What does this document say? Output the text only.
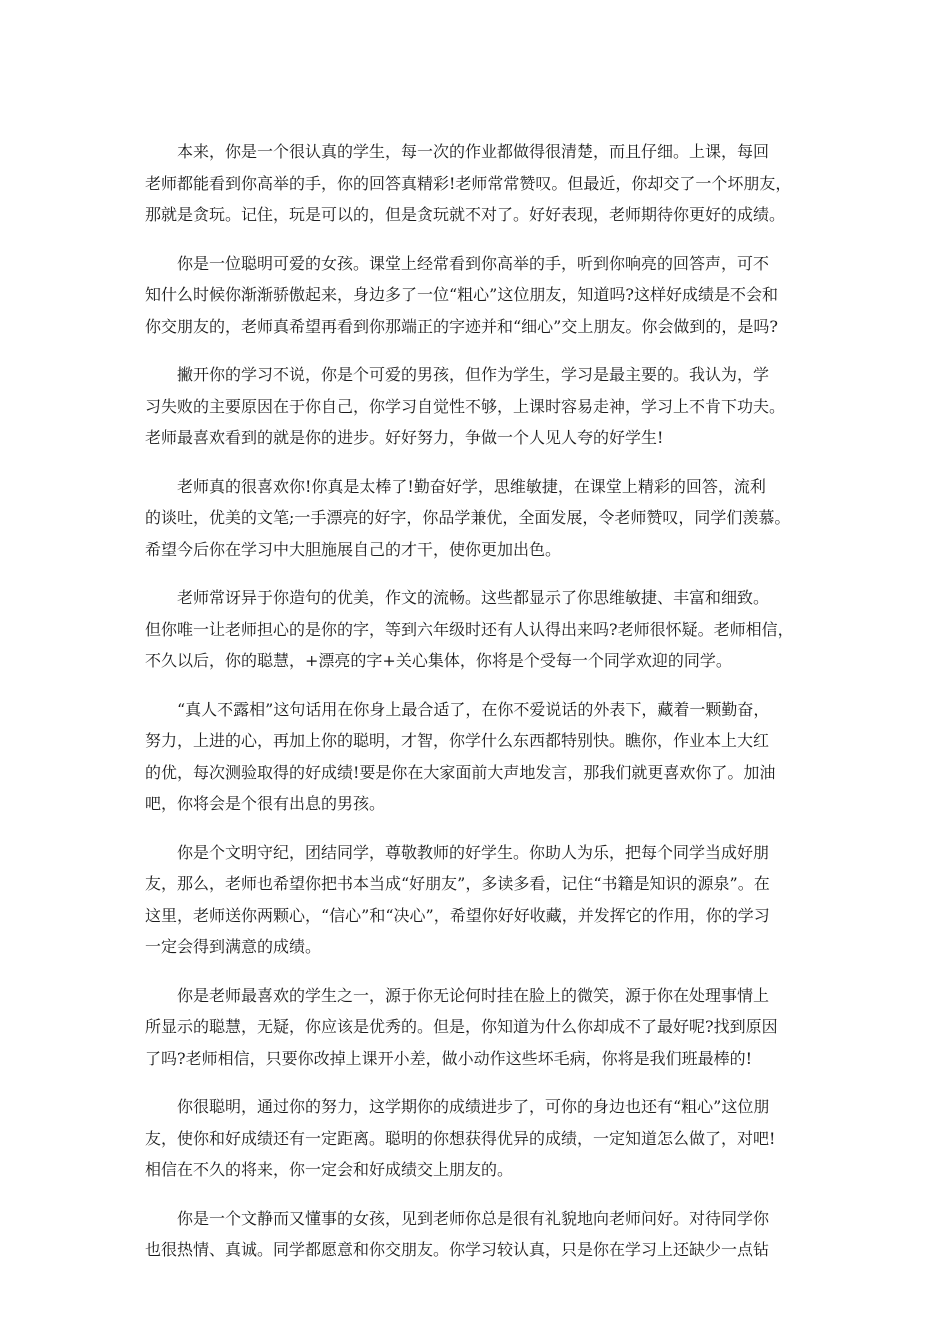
本来，你是一个很认真的学生，每一次的作业都做得很清楚，而且仔细。上课，每回
老师都能看到你高举的手，你的回答真精彩!老师常常赞叹。但最近，你却交了一个坏朋友，
那就是贪玩。记住，玩是可以的，但是贪玩就不对了。好好表现，老师期待你更好的成绩。

你是一位聪明可爱的女孩。课堂上经常看到你高举的手，听到你响亮的回答声，可不
知什么时候你渐渐骄傲起来，身边多了一位“粗心”这位朋友，知道吗?这样好成绩是不会和
你交朋友的，老师真希望再看到你那端正的字迹并和“细心”交上朋友。你会做到的，是吗?

撇开你的学习不说，你是个可爱的男孩，但作为学生，学习是最主要的。我认为，学
习失败的主要原因在于你自己，你学习自觉性不够，上课时容易走神，学习上不肯下功夫。
老师最喜欢看到的就是你的进步。好好努力，争做一个人见人夸的好学生!

老师真的很喜欢你!你真是太棒了!勤奋好学，思维敏捷，在课堂上精彩的回答，流利
的谈吐，优美的文笔;一手漂亮的好字，你品学兼优，全面发展，令老师赞叹，同学们羡慕。
希望今后你在学习中大胆施展自己的才干，使你更加出色。

老师常讶异于你造句的优美，作文的流畅。这些都显示了你思维敏捷、丰富和细致。
但你唯一让老师担心的是你的字，等到六年级时还有人认得出来吗?老师很怀疑。老师相信，
不久以后，你的聪慧，+漂亮的字+关心集体，你将是个受每一个同学欢迎的同学。

“真人不露相”这句话用在你身上最合适了，在你不爱说话的外表下，藏着一颗勤奋，
努力，上进的心，再加上你的聪明，才智，你学什么东西都特别快。瞧你，作业本上大红
的优，每次测验取得的好成绩!要是你在大家面前大声地发言，那我们就更喜欢你了。加油
吧，你将会是个很有出息的男孩。

你是个文明守纪，团结同学，尊敬教师的好学生。你助人为乐，把每个同学当成好朋
友，那么，老师也希望你把书本当成“好朋友”，多读多看，记住“书籍是知识的源泉”。在
这里，老师送你两颗心，“信心”和“决心”，希望你好好收藏，并发挥它的作用，你的学习
一定会得到满意的成绩。

你是老师最喜欢的学生之一，源于你无论何时挂在脸上的微笑，源于你在处理事情上
所显示的聪慧，无疑，你应该是优秀的。但是，你知道为什么你却成不了最好呢?找到原因
了吗?老师相信，只要你改掉上课开小差，做小动作这些坏毛病，你将是我们班最棒的!

你很聪明，通过你的努力，这学期你的成绩进步了，可你的身边也还有“粗心”这位朋
友，使你和好成绩还有一定距离。聪明的你想获得优异的成绩，一定知道怎么做了，对吧!
相信在不久的将来，你一定会和好成绩交上朋友的。

你是一个文静而又懂事的女孩，见到老师你总是很有礼貌地向老师问好。对待同学你
也很热情、真诚。同学都愿意和你交朋友。你学习较认真，只是你在学习上还缺少一点钻
